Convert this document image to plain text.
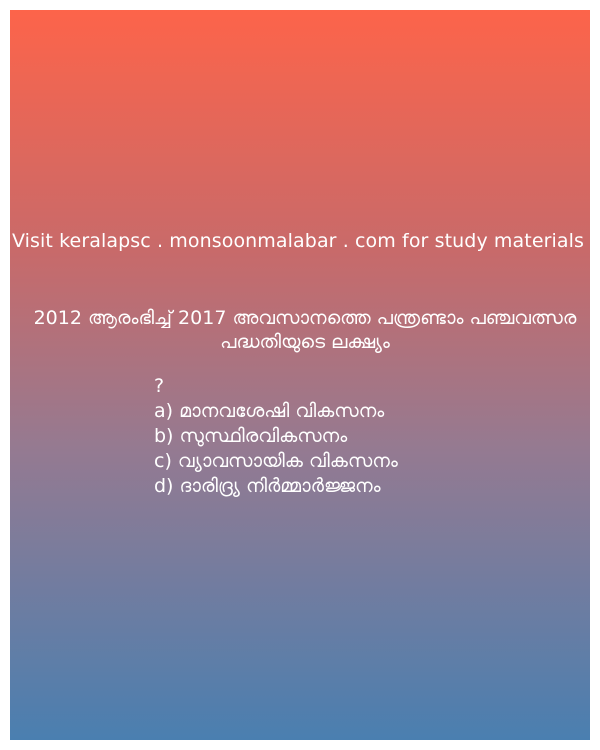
Visit keralapsc . monsoonmalabar . com for study materials
2012 ആരംഭിച്ച് 2017 അവസാനത്തെ പന്ത്രണ്ടാം പഞ്ചവത്സര പദ്ധതിയുടെ ലക്ഷ്യം
?
a) മാനവശേഷി വികസനം
b) സുസ്ഥിരവികസനം
c) വ്യാവസായിക വികസനം
d) ദാരിദ്ര്യ നിർമ്മാർജ്ജനം
